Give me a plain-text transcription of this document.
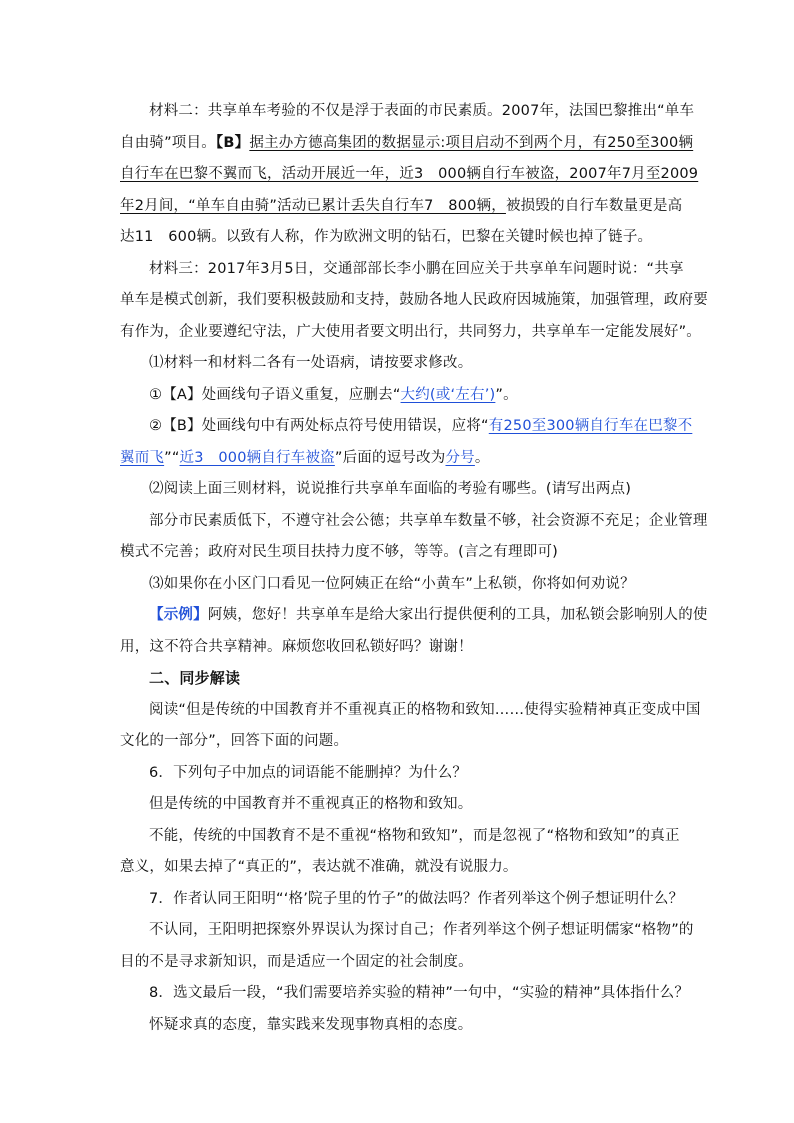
材料二：共享单车考验的不仅是浮于表面的市民素质。2007年，法国巴黎推出“单车
自由骑”项目。【B】据主办方德高集团的数据显示:项目启动不到两个月，有250至300辆
自行车在巴黎不翼而飞，活动开展近一年，近3　000辆自行车被盗，2007年7月至2009
年2月间，“单车自由骑”活动已累计丢失自行车7　800辆，被损毁的自行车数量更是高
达11　600辆。以致有人称，作为欧洲文明的钻石，巴黎在关键时候也掉了链子。
材料三：2017年3月5日，交通部部长李小鹏在回应关于共享单车问题时说：“共享
单车是模式创新，我们要积极鼓励和支持，鼓励各地人民政府因城施策，加强管理，政府要
有作为，企业要遵纪守法，广大使用者要文明出行，共同努力，共享单车一定能发展好”。
⑴材料一和材料二各有一处语病，请按要求修改。
①【A】处画线句子语义重复，应删去“大约(或‘左右’)”。
②【B】处画线句中有两处标点符号使用错误，应将“有250至300辆自行车在巴黎不
翼而飞”“近3　000辆自行车被盗”后面的逗号改为分号。
⑵阅读上面三则材料，说说推行共享单车面临的考验有哪些。(请写出两点)
部分市民素质低下，不遵守社会公德；共享单车数量不够，社会资源不充足；企业管理
模式不完善；政府对民生项目扶持力度不够，等等。(言之有理即可)
⑶如果你在小区门口看见一位阿姨正在给“小黄车”上私锁，你将如何劝说？
【示例】阿姨，您好！共享单车是给大家出行提供便利的工具，加私锁会影响别人的使
用，这不符合共享精神。麻烦您收回私锁好吗？谢谢！
二、同步解读
阅读“但是传统的中国教育并不重视真正的格物和致知……使得实验精神真正变成中国
文化的一部分”，回答下面的问题。
6．下列句子中加点的词语能不能删掉？为什么？
但是传统的中国教育并不重视真正的格物和致知。
不能，传统的中国教育不是不重视“格物和致知”，而是忽视了“格物和致知”的真正
意义，如果去掉了“真正的”，表达就不准确，就没有说服力。
7．作者认同王阳明“‘格’院子里的竹子”的做法吗？作者列举这个例子想证明什么？
不认同，王阳明把探察外界误认为探讨自己；作者列举这个例子想证明儒家“格物”的
目的不是寻求新知识，而是适应一个固定的社会制度。
8．选文最后一段，“我们需要培养实验的精神”一句中，“实验的精神”具体指什么？
怀疑求真的态度，靠实践来发现事物真相的态度。
